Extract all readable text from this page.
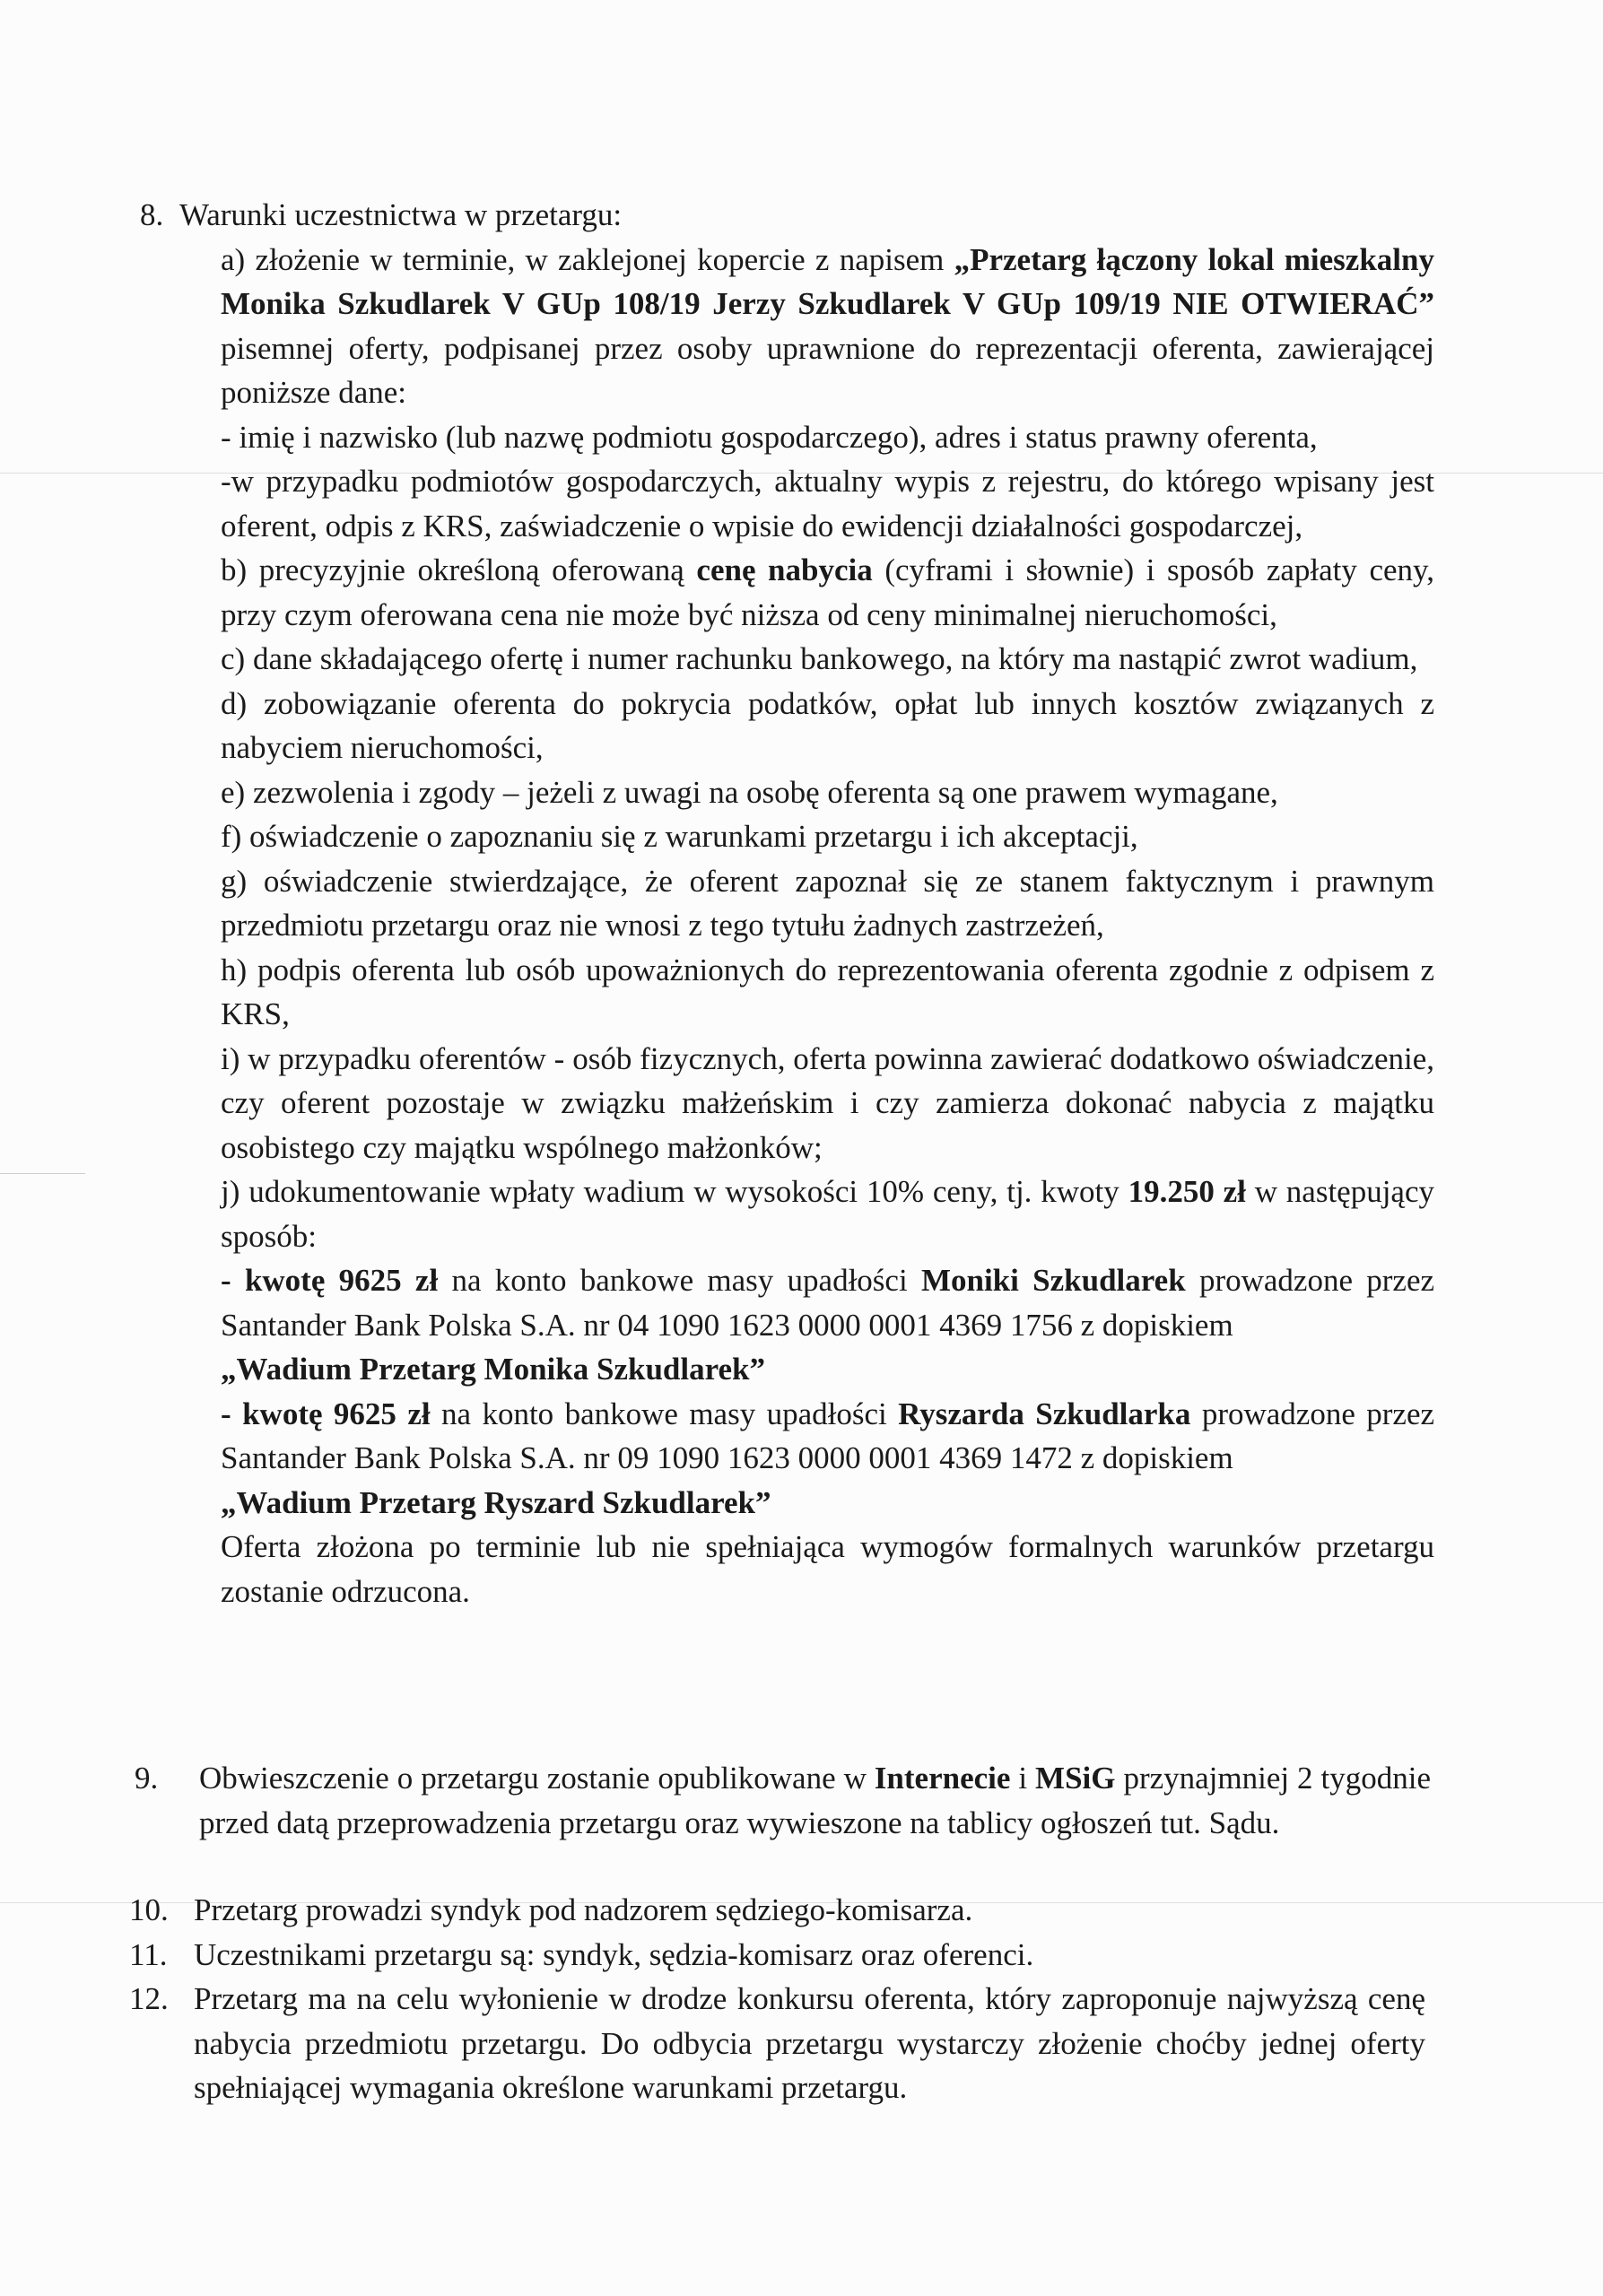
8. Warunki uczestnictwa w przetargu:
a) złożenie w terminie, w zaklejonej kopercie z napisem „Przetarg łączony lokal mieszkalny Monika Szkudlarek V GUp 108/19 Jerzy Szkudlarek V GUp 109/19 NIE OTWIERAĆ” pisemnej oferty, podpisanej przez osoby uprawnione do reprezentacji oferenta, zawierającej poniższe dane:
- imię i nazwisko (lub nazwę podmiotu gospodarczego), adres i status prawny oferenta,
-w przypadku podmiotów gospodarczych, aktualny wypis z rejestru, do którego wpisany jest oferent, odpis z KRS, zaświadczenie o wpisie do ewidencji działalności gospodarczej,
b) precyzyjnie określoną oferowaną cenę nabycia (cyframi i słownie) i sposób zapłaty ceny, przy czym oferowana cena nie może być niższa od ceny minimalnej nieruchomości,
c) dane składającego ofertę i numer rachunku bankowego, na który ma nastąpić zwrot wadium,
d) zobowiązanie oferenta do pokrycia podatków, opłat lub innych kosztów związanych z nabyciem nieruchomości,
e) zezwolenia i zgody – jeżeli z uwagi na osobę oferenta są one prawem wymagane,
f) oświadczenie o zapoznaniu się z warunkami przetargu i ich akceptacji,
g) oświadczenie stwierdzające, że oferent zapoznał się ze stanem faktycznym i prawnym przedmiotu przetargu oraz nie wnosi z tego tytułu żadnych zastrzeżeń,
h) podpis oferenta lub osób upoważnionych do reprezentowania oferenta zgodnie z odpisem z KRS,
i) w przypadku oferentów - osób fizycznych, oferta powinna zawierać dodatkowo oświadczenie, czy oferent pozostaje w związku małżeńskim i czy zamierza dokonać nabycia z majątku osobistego czy majątku wspólnego małżonków;
j) udokumentowanie wpłaty wadium w wysokości 10% ceny, tj. kwoty 19.250 zł w następujący sposób:
- kwotę 9625 zł na konto bankowe masy upadłości Moniki Szkudlarek prowadzone przez Santander Bank Polska S.A. nr 04 1090 1623 0000 0001 4369 1756 z dopiskiem
„Wadium Przetarg Monika Szkudlarek”
- kwotę 9625 zł na konto bankowe masy upadłości Ryszarda Szkudlarka prowadzone przez Santander Bank Polska S.A. nr 09 1090 1623 0000 0001 4369 1472 z dopiskiem
„Wadium Przetarg Ryszard Szkudlarek”
Oferta złożona po terminie lub nie spełniająca wymogów formalnych warunków przetargu zostanie odrzucona.
9. Obwieszczenie o przetargu zostanie opublikowane w Internecie i MSiG przynajmniej 2 tygodnie przed datą przeprowadzenia przetargu oraz wywieszone na tablicy ogłoszeń tut. Sądu.
10. Przetarg prowadzi syndyk pod nadzorem sędziego-komisarza.
11. Uczestnikami przetargu są: syndyk, sędzia-komisarz oraz oferenci.
12. Przetarg ma na celu wyłonienie w drodze konkursu oferenta, który zaproponuje najwyższą cenę nabycia przedmiotu przetargu. Do odbycia przetargu wystarczy złożenie choćby jednej oferty spełniającej wymagania określone warunkami przetargu.
